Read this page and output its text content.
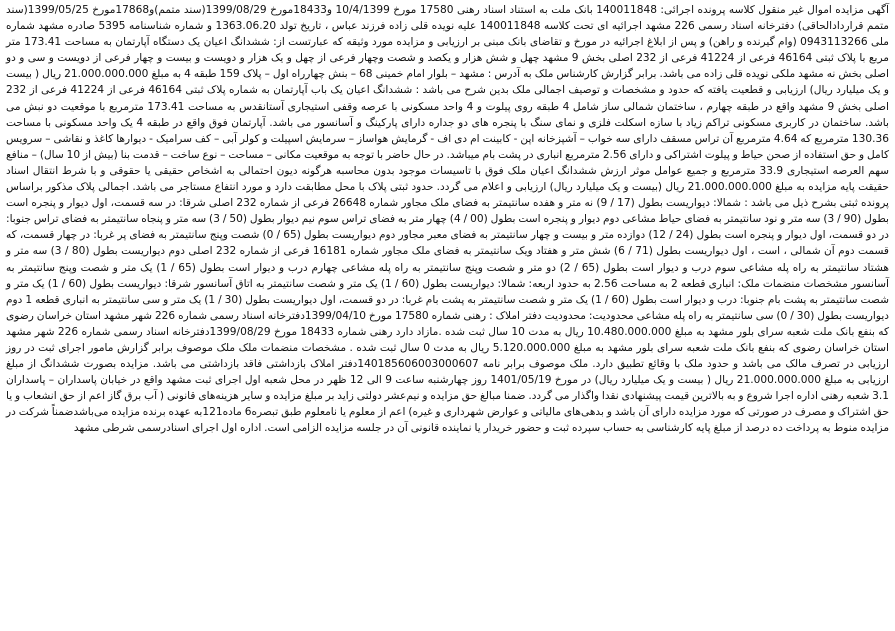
آگهی مزایده اموال غیر منقول کلاسه پرونده اجرائی: 140011848 بانک ملت به استناد اسناد رهنی 17580 مورخ 10/4/1399 و18433مورخ 1399/08/29(سند متمم)و17868مورخ 1399/05/25(سند متمم قراردادالحاقی) دفترخانه اسناد رسمی 226 مشهد اجرائیه ای تحت کلاسه 140011848 علیه نوید‌ه قلی زاده فرزند عباس ، تاریخ تولد 1363.06.20 و شماره شناسنامه 5395 صادره مشهد شماره ملی 0943113266 (وام گیرنده و راهن) و پس از ابلاغ اجرائیه در مورخ و تقاضای بانک مبنی بر ارزیابی و مزایده مورد وثیقه که عبارتست از: ششدانگ اعیان یک دستگاه آپارتمان به مساحت 173.41 متر مربع با پلاک ثبتی 46164 فرعی از 41224 فرعی از 232 اصلی بخش 9 مشهد چهل و شش هزار و یکصد و شصت وچهار فرعی از چهل و یک هزار و دویست و بیست و چهار فرعی از دویست و سی و دو اصلی بخش نه مشهد ملکی نوید‌ه قلی زاده می باشد. برابر گزارش کارشناس ملک به آدرس : مشهد – بلوار امام خمینی 68 – بنش چهارراه اول – پلاک 159 طبقه 4 به مبلغ 21.000.000.000 ریال ( بیست و یک میلیارد ریال) ارزیابی و قطعیت یافته که حدود و مشخصات و توصیف اجمالی ملک بدین شرح می باشد : ششدانگ اعیان یک باب آپارتمان به شماره پلاک ثبتی 46164 فرعی از 41224 فرعی از 232 اصلی بخش 9 مشهد واقع در طبقه چهارم ، ساختمان شمالی ساز شامل 4 طبقه روی پیلوت و 4 واحد مسکونی با عرصه وقفی استیجاری آستانقدس به مساحت 173.41 مترمربع با موقعیت دو نبش می باشد. ساختمان در کاربری مسکونی تراکم زیاد با سازه اسکلت فلزی و نمای سنگ با پنجره های دو جداره دارای پارکینگ و آسانسور می باشد. آپارتمان فوق واقع در طبقه 4 یک واحد مسکونی با مساحت 130.36 مترمربع که 4.64 مترمربع آن تراس مسقف دارای سه خواب – آشپزخانه اپن - کابینت ام دی اف - گرمایش هواساز – سرمایش اسپیلت و کولر آبی – کف سرامیک - دیوارها کاغذ و نقاشی – سرویس کامل و حق استفاده از صحن حیاط و پیلوت اشتراکی و دارای 2.56 مترمربع انباری در پشت بام میباشد. در حال حاضر با توجه به موقعیت مکانی – مساحت – نوع ساخت – قدمت بنا (بیش از 10 سال) – منافع سهم العرصه استیجاری 33.9 مترمربع و جمیع عوامل موثر ارزش ششدانگ اعیان ملک فوق با تاسیسات موجود بدون محاسبه هرگونه دیون احتمالی به اشخاص حقیقی یا حقوقی و با شرط انتقال اسناد حقیقت پایه مزایده به مبلغ 21.000.000.000 ریال (بیست و یک میلیارد ریال) ارزیابی و اعلام می گردد. حدود ثبتی پلاک با محل مطابقت دارد و مورد انتفاع مستاجر می باشد. اجمالی پلاک مذکور براساس پرونده ثبتی بشرح ذیل می باشد : شمالا: دیواریست بطول (17 / 9) نه متر و هفده سانتیمتر به فضای ملک مجاور شماره 26648 فرعی از شماره 232 اصلی شرقا: در سه قسمت، اول دیوار و پنجره است بطول (90 / 3) سه متر و نود سانتیمتر به فضای حیاط مشاعی دوم دیوار و پنجره است بطول (00 / 4) چهار متر به فضای تراس سوم نیم دیوار بطول (50 / 3) سه متر و پنجاه سانتیمتر به فضای تراس جنوبا: در دو قسمت، اول دیوار و پنجره است بطول (24 / 12) دوازده متر و بیست و چهار سانتیمتر به فضای معبر مجاور دوم دیواریست بطول (65 / 0) شصت وپنج سانتیمتر به فضای پر غربا: در چهار قسمت، که قسمت دوم آن شمالی ، است ، اول دیواریست بطول (71 / 6) شش متر و هفتاد ویک سانتیمتر به فضای ملک مجاور شماره 16181 فرعی از شماره 232 اصلی دوم دیواریست بطول (80 / 3) سه متر و هشتاد سانتیمتر به راه پله مشاعی سوم درب و دیوار است بطول (65 / 2) دو متر و شصت وپنج سانتیمتر به راه پله مشاعی چهارم درب و دیوار است بطول (65 / 1) یک متر و شصت وپنج سانتیمتر به آسانسور مشخصات منضمات ملک: انباری قطعه 2 به مساحت 2.56 به حدود اربعه: شمالا: دیواریست بطول (60 / 1) یک متر و شصت سانتیمتر به اتاق آسانسور شرقا: دیواریست بطول (60 / 1) یک متر و شصت سانتیمتر به پشت بام جنوبا: درب و دیوار است بطول (60 / 1) یک متر و شصت سانتیمتر به پشت بام غربا: در دو قسمت، اول دیواریست بطول (30 / 1) یک متر و سی سانتیمتر به انباری قطعه 1 دوم دیواریست بطول (30 / 0) سی سانتیمتر به راه پله مشاعی محدودیت: محدودیت دفتر املاک : رهنی شماره 17580 مورخ 1399/04/10دفترخانه اسناد رسمی شماره 226 شهر مشهد استان خراسان رضوی که بنفع بانک ملت شعبه سرای بلور مشهد به مبلغ 10.480.000.000 ریال به مدت 10 سال ثبت شده .مازاد دارد رهنی شماره 18433 مورخ 1399/08/29دفترخانه اسناد رسمی شماره 226 شهر مشهد استان خراسان رضوی که بنفع بانک ملت شعبه سرای بلور مشهد به مبلغ 5.120.000.000 ریال به مدت 0 سال ثبت شده . مشخصات منضمات ملک ملک موصوف برابر گزارش مامور اجرای ثبت در روز ارزیابی در تصرف مالک می باشد و حدود ملک با وقائع تطبیق دارد. ملک موصوف برابر نامه 140185606003000607دفتر املاک بازداشتی فاقد بازداشتی می باشد. مزایده بصورت ششدانگ از مبلغ ارزیابی به مبلغ 21.000.000.000 ریال ( بیست و یک میلیارد ریال) در مورخ 1401/05/19 روز چهارشنبه ساعت 9 الی 12 ظهر در محل شعبه اول اجرای ثبت مشهد واقع در خیابان پاسداران – پاسداران 3.1 شعبه رهنی اداره اجرا شروع و به بالاترین قیمت پیشنهادی نقدا واگذار می گردد. ضمنا مبالغ حق مزایده و نیم‌عشر دولتی زاید بر مبلغ مزایده و سایر هزینه‌های قانونی ( آب برق گاز اعم از حق انشعاب و یا حق اشتراک و مصرف در صورتی که مورد مزایده دارای آن باشد و بدهی‌های مالیاتی و عوارض شهرداری و غیره) اعم از معلوم یا نامعلوم طبق تبصره6 ماده121به عهده برنده مزایده می‌باشدضمناً شرکت در مزایده منوط به پرداخت ده درصد از مبلغ پایه کارشناسی به حساب سپرده ثبت و حضور خریدار یا نماینده قانونی آن در جلسه مزایده الزامی است. اداره اول اجرای اسنادرسمی شرطی مشهد
